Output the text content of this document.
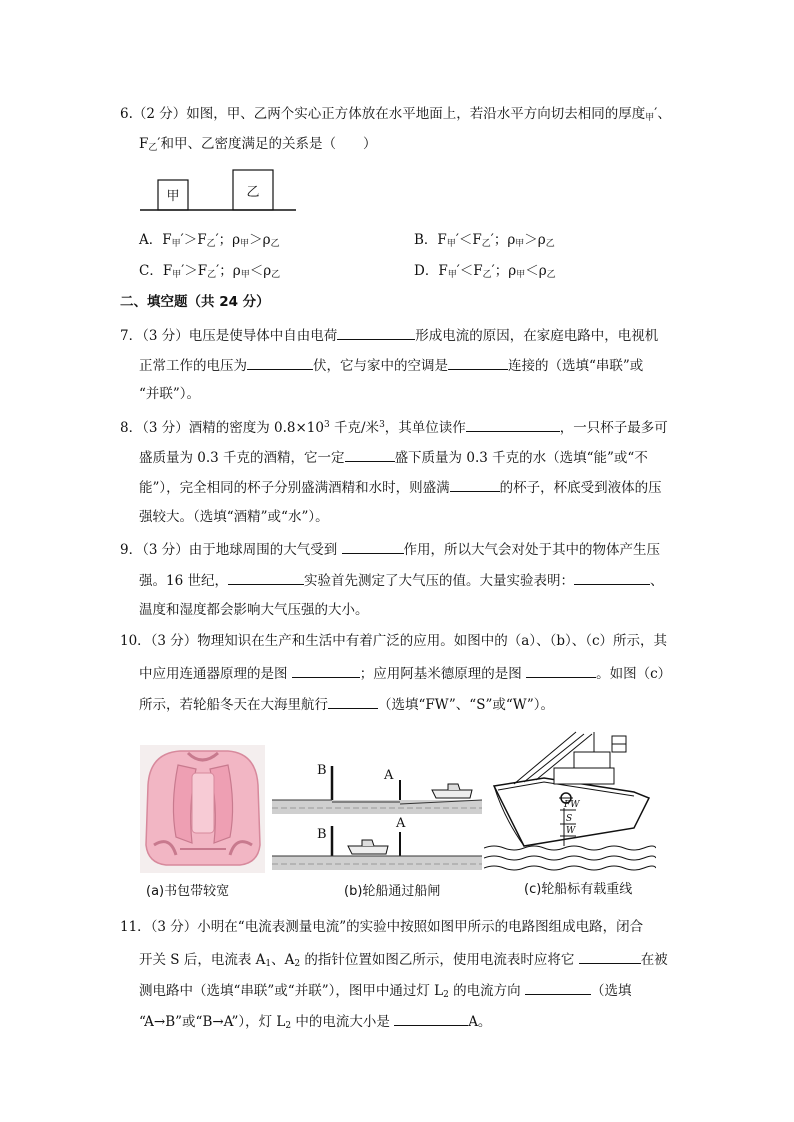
6.（2 分）如图，甲、乙两个实心正方体放在水平地面上，若沿水平方向切去相同的厚度$_甲$′、
$F_乙'$和甲、乙密度满足的关系是（　　）
甲	乙
A．$F_甲'>F_乙'$；$\rho_甲>\rho_乙$	B．$F_甲'<F_乙'$；$\rho_甲>\rho_乙$
C．$F_甲'>F_乙'$；$\rho_甲<\rho_乙$	D．$F_甲'<F_乙'$；$\rho_甲<\rho_乙$
二、填空题（共 24 分）
7．（3 分）电压是使导体中自由电荷	形成电流的原因，在家庭电路中，电视机
正常工作的电压为	伏，它与家中的空调是	连接的（选填“串联”或
“并联”）。
8．（3 分）酒精的密度为 $0.8\times 10^3$ 千克/米$^3$，其单位读作	，一只杯子最多可
盛质量为 0.3 千克的酒精，它一定	盛下质量为 0.3 千克的水（选填“能”或“不
能”），完全相同的杯子分别盛满酒精和水时，则盛满	的杯子，杯底受到液体的压
强较大。（选填“酒精”或“水”）。
9．（3 分）由于地球周围的大气受到	作用，所以大气会对处于其中的物体产生压
强。16 世纪，	实验首先测定了大气压的值。大量实验表明：	、
温度和湿度都会影响大气压强的大小。
10．（3 分）物理知识在生产和生活中有着广泛的应用。如图中的（a）、（b）、（c）所示，其
中应用连通器原理的是图	；应用阿基米德原理的是图	。如图（c）
所示，若轮船冬天在大海里航行	（选填“FW”、“S”或“W”）。
(a)书包带较宽
B	A
B
A
(b)轮船通过船闸
FW
S
W
(c)轮船标有载重线
11．（3 分）小明在“电流表测量电流”的实验中按照如图甲所示的电路图组成电路，闭合
开关 S 后，电流表 $A_1$、$A_2$ 的指针位置如图乙所示，使用电流表时应将它	在被
测电路中（选填“串联”或“并联”），图甲中通过灯 $L_2$ 的电流方向	（选填
“A→B”或“B→A”），灯 $L_2$ 中的电流大小是	A。
